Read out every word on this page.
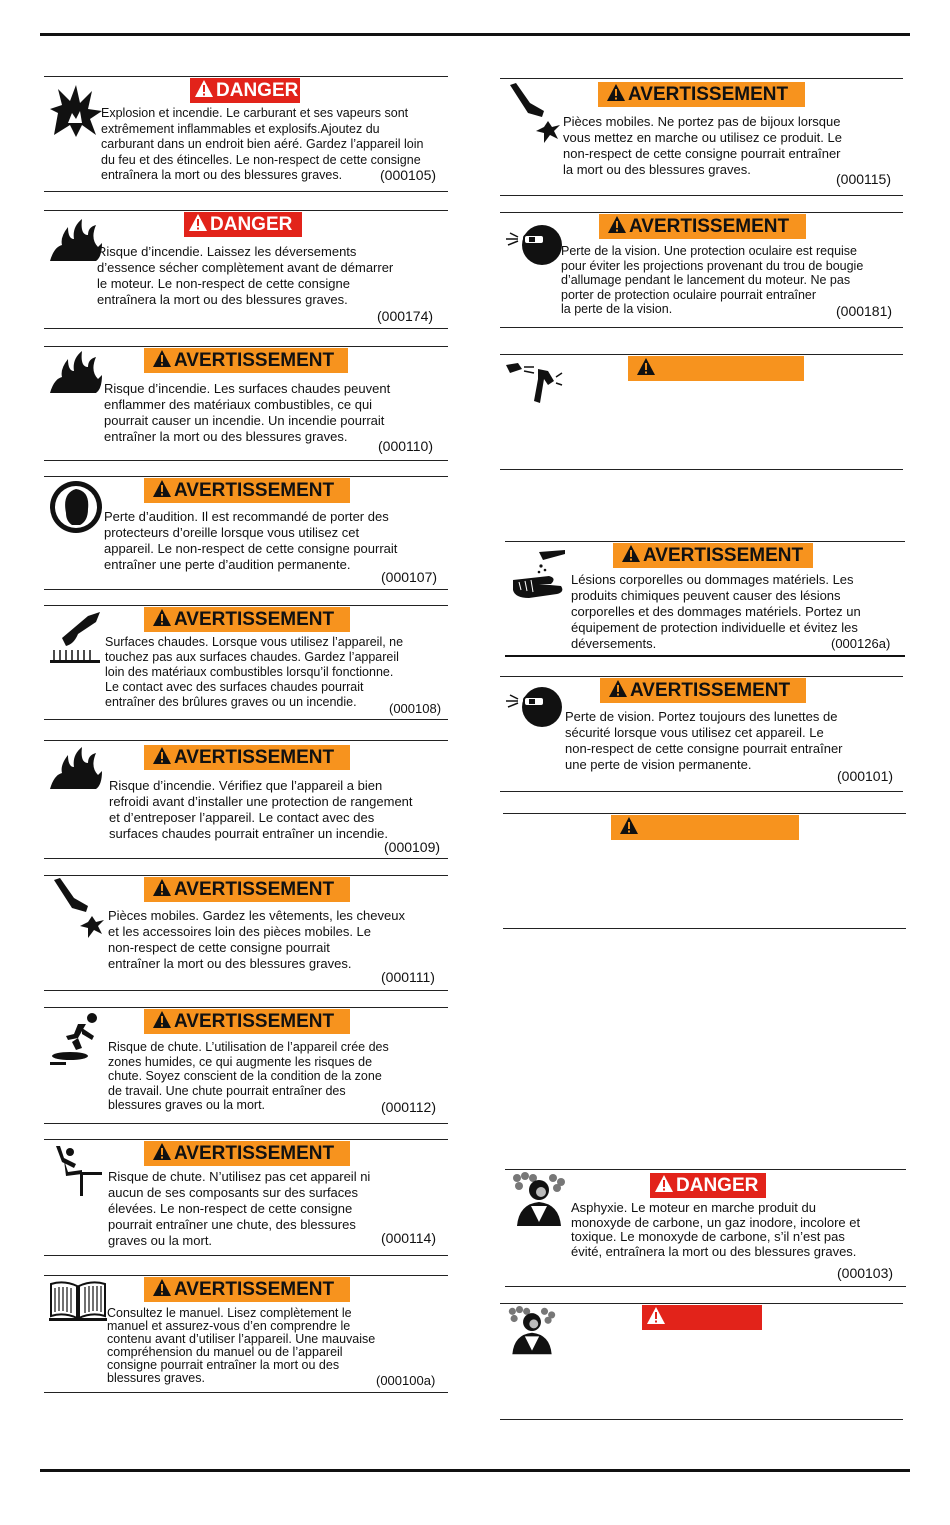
DANGER
Explosion et incendie. Le carburant et ses vapeurs sont
extrêmement inflammables et explosifs.Ajoutez du
carburant dans un endroit bien aéré. Gardez l’appareil loin
du feu et des étincelles. Le non-respect de cette consigne
entraînera la mort ou des blessures graves.	(000105)
DANGER
Risque d’incendie. Laissez les déversements
d’essence sécher complètement avant de démarrer
le moteur. Le non-respect de cette consigne
entraînera la mort ou des blessures graves.
(000174)
AVERTISSEMENT
Risque d’incendie. Les surfaces chaudes peuvent
enflammer des matériaux combustibles, ce qui
pourrait causer un incendie. Un incendie pourrait
entraîner la mort ou des blessures graves.
(000110)
AVERTISSEMENT
Perte d’audition. Il est recommandé de porter des
protecteurs d’oreille lorsque vous utilisez cet
appareil. Le non-respect de cette consigne pourrait
entraîner une perte d’audition permanente.
(000107)
AVERTISSEMENT
Surfaces chaudes. Lorsque vous utilisez l’appareil, ne
touchez pas aux surfaces chaudes. Gardez l’appareil
loin des matériaux combustibles lorsqu’il fonctionne.
Le contact avec des surfaces chaudes pourrait
entraîner des brûlures graves ou un incendie.	(000108)
AVERTISSEMENT
Risque d’incendie. Vérifiez que l’appareil a bien
refroidi avant d’installer une protection de rangement
et d’entreposer l’appareil. Le contact avec des
surfaces chaudes pourrait entraîner un incendie.
(000109)
AVERTISSEMENT
Pièces mobiles. Gardez les vêtements, les cheveux
et les accessoires loin des pièces mobiles. Le
non-respect de cette consigne pourrait
entraîner la mort ou des blessures graves.
(000111)
AVERTISSEMENT
Risque de chute. L’utilisation de l’appareil crée des
zones humides, ce qui augmente les risques de
chute. Soyez conscient de la condition de la zone
de travail. Une chute pourrait entraîner des
blessures graves ou la mort.	(000112)
AVERTISSEMENT
Risque de chute. N’utilisez pas cet appareil ni
aucun de ses composants sur des surfaces
élevées. Le non-respect de cette consigne
pourrait entraîner une chute, des blessures
graves ou la mort.	(000114)
AVERTISSEMENT
Consultez le manuel. Lisez complètement le
manuel et assurez-vous d’en comprendre le
contenu avant d’utiliser l’appareil. Une mauvaise
compréhension du manuel ou de l’appareil
consigne pourrait entraîner la mort ou des
blessures graves.	(000100a)
AVERTISSEMENT
Pièces mobiles. Ne portez pas de bijoux lorsque
vous mettez en marche ou utilisez ce produit. Le
non-respect de cette consigne pourrait entraîner
la mort ou des blessures graves.
(000115)
AVERTISSEMENT
Perte de la vision. Une protection oculaire est requise
pour éviter les projections provenant du trou de bougie
d’allumage pendant le lancement du moteur. Ne pas
porter de protection oculaire pourrait entraîner
la perte de la vision.	(000181)
AVERTISSEMENT
Lésions corporelles ou dommages matériels. Les
produits chimiques peuvent causer des lésions
corporelles et des dommages matériels. Portez un
équipement de protection individuelle et évitez les
déversements.	(000126a)
AVERTISSEMENT
Perte de vision. Portez toujours des lunettes de
sécurité lorsque vous utilisez cet appareil. Le
non-respect de cette consigne pourrait entraîner
une perte de vision permanente.
(000101)
DANGER
Asphyxie. Le moteur en marche produit du
monoxyde de carbone, un gaz inodore, incolore et
toxique. Le monoxyde de carbone, s’il n’est pas
évité, entraînera la mort ou des blessures graves.
(000103)
